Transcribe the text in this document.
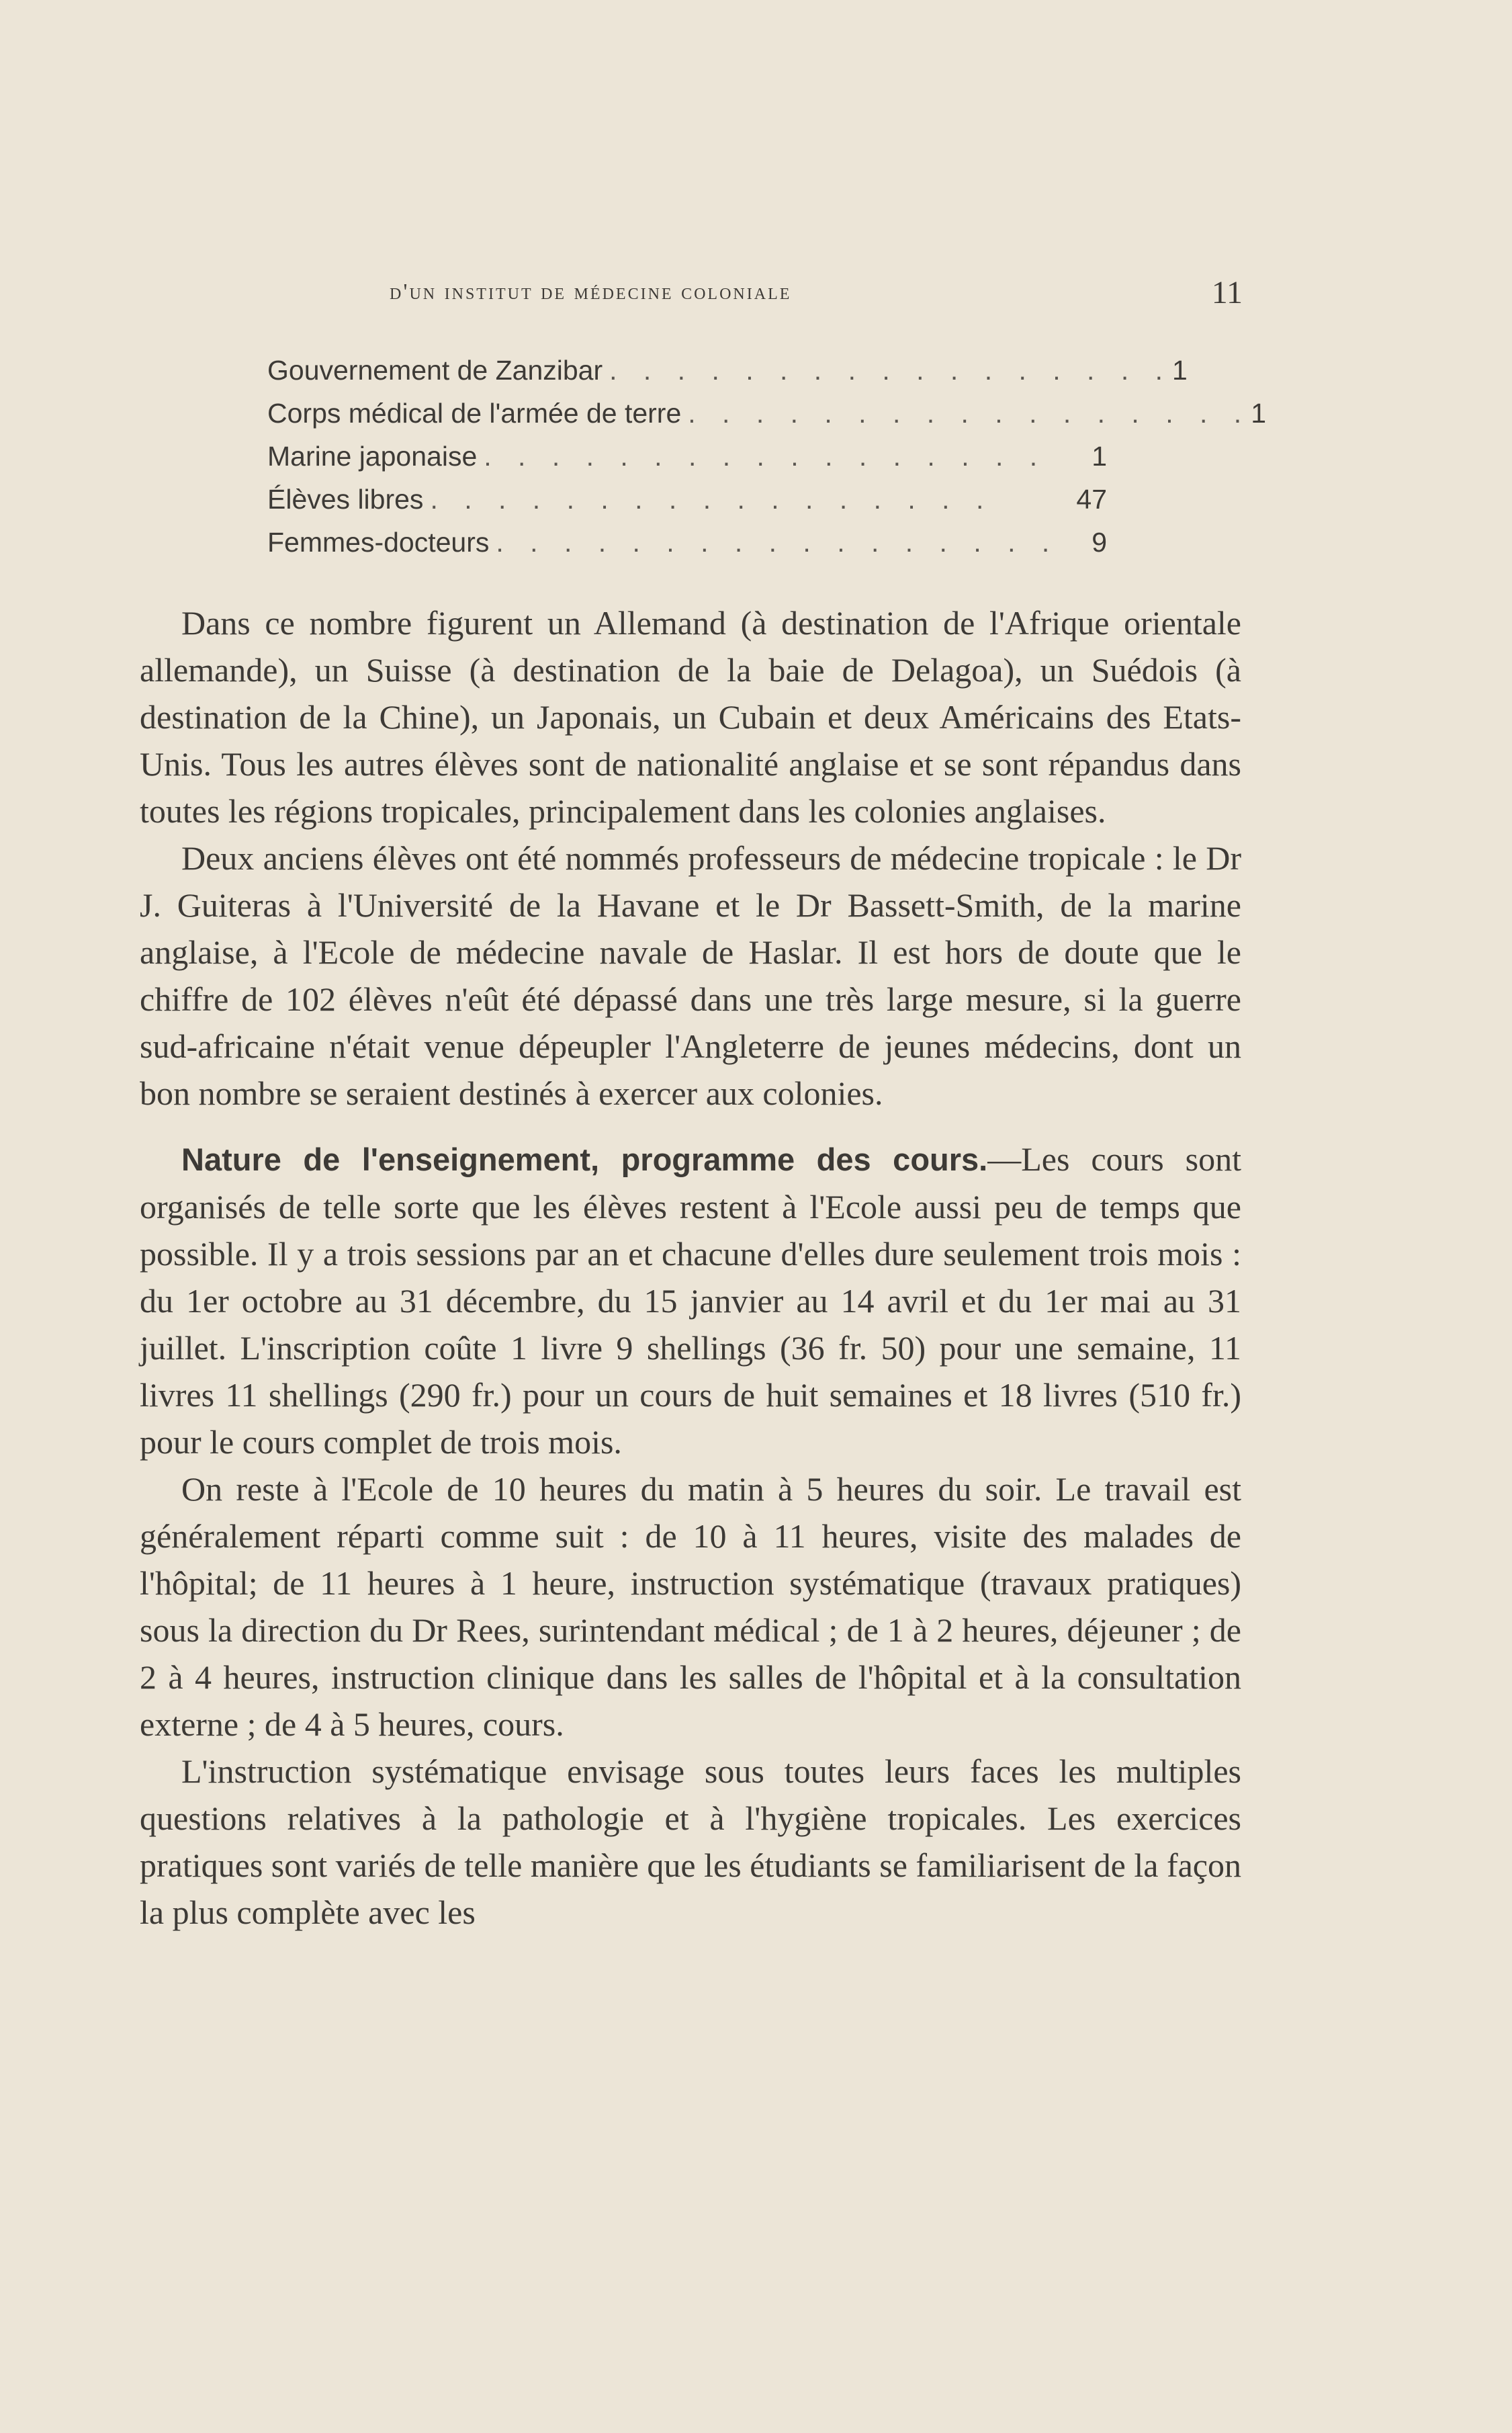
d'un institut de médecine coloniale	11
Gouvernement de Zanzibar . . . . . . . . . . . . . . . . . 1
Corps médical de l'armée de terre . . . . . . . . . . . . . . . . . 1
Marine japonaise . . . . . . . . . . . . . . . . .	1
Élèves libres . . . . . . . . . . . . . . . . .	47
Femmes-docteurs . . . . . . . . . . . . . . . . .	9

Dans ce nombre figurent un Allemand (à destination de l'Afrique orientale allemande), un Suisse (à destination de la baie de Delagoa), un Suédois (à destination de la Chine), un Japonais, un Cubain et deux Américains des Etats-Unis. Tous les autres élèves sont de nationalité anglaise et se sont répandus dans toutes les régions tropicales, principalement dans les colonies anglaises.

Deux anciens élèves ont été nommés professeurs de médecine tropicale : le Dr J. Guiteras à l'Université de la Havane et le Dr Bassett-Smith, de la marine anglaise, à l'Ecole de médecine navale de Haslar. Il est hors de doute que le chiffre de 102 élèves n'eût été dépassé dans une très large mesure, si la guerre sud-africaine n'était venue dépeupler l'Angleterre de jeunes médecins, dont un bon nombre se seraient destinés à exercer aux colonies.

Nature de l'enseignement, programme des cours.—Les cours sont organisés de telle sorte que les élèves restent à l'Ecole aussi peu de temps que possible. Il y a trois sessions par an et chacune d'elles dure seulement trois mois : du 1er octobre au 31 décembre, du 15 janvier au 14 avril et du 1er mai au 31 juillet. L'inscription coûte 1 livre 9 shellings (36 fr. 50) pour une semaine, 11 livres 11 shellings (290 fr.) pour un cours de huit semaines et 18 livres (510 fr.) pour le cours complet de trois mois.

On reste à l'Ecole de 10 heures du matin à 5 heures du soir. Le travail est généralement réparti comme suit : de 10 à 11 heures, visite des malades de l'hôpital; de 11 heures à 1 heure, instruction systématique (travaux pratiques) sous la direction du Dr Rees, surintendant médical ; de 1 à 2 heures, déjeuner ; de 2 à 4 heures, instruction clinique dans les salles de l'hôpital et à la consultation externe ; de 4 à 5 heures, cours.

L'instruction systématique envisage sous toutes leurs faces les multiples questions relatives à la pathologie et à l'hygiène tropicales. Les exercices pratiques sont variés de telle manière que les étudiants se familiarisent de la façon la plus complète avec les
